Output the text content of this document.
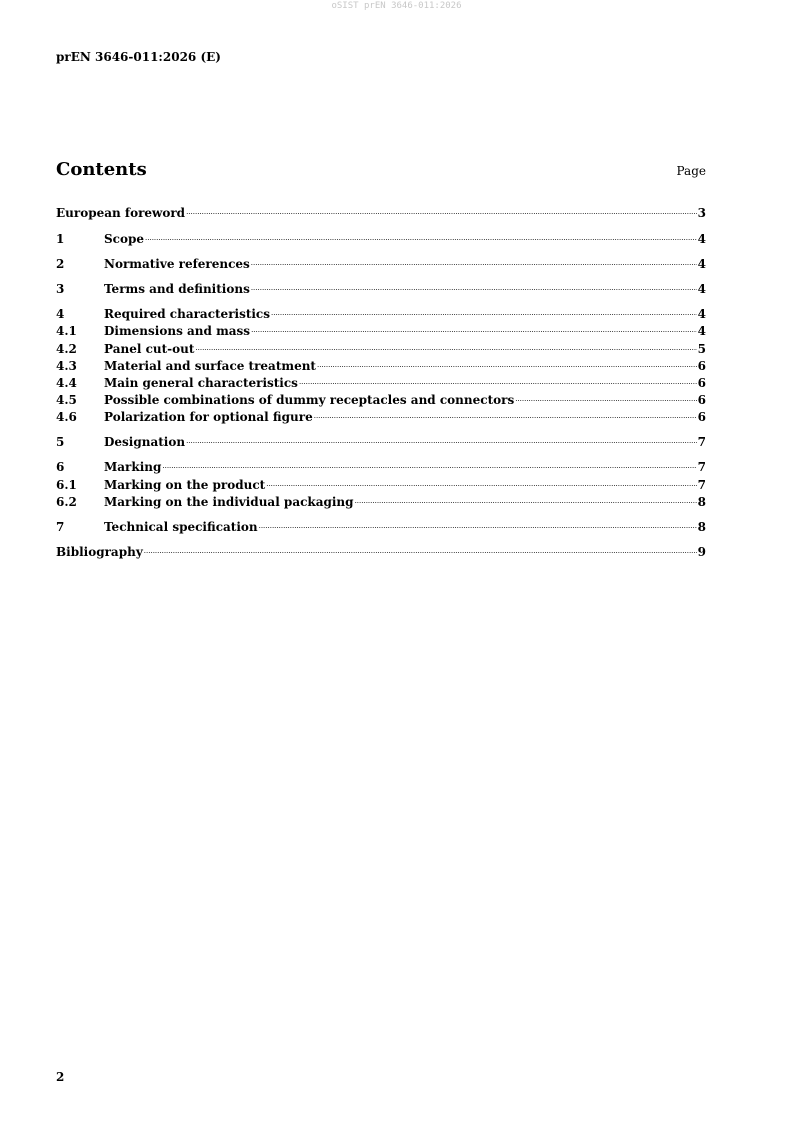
oSIST prEN 3646-011:2026
prEN 3646-011:2026 (E)
Contents	Page
European foreword .....	3
1	Scope .....	4
2	Normative references .....	4
3	Terms and definitions .....	4
4	Required characteristics .....	4
4.1	Dimensions and mass .....	4
4.2	Panel cut-out .....	5
4.3	Material and surface treatment .....	6
4.4	Main general characteristics .....	6
4.5	Possible combinations of dummy receptacles and connectors .....	6
4.6	Polarization for optional figure .....	6
5	Designation .....	7
6	Marking .....	7
6.1	Marking on the product .....	7
6.2	Marking on the individual packaging .....	8
7	Technical specification .....	8
Bibliography .....	9
2
